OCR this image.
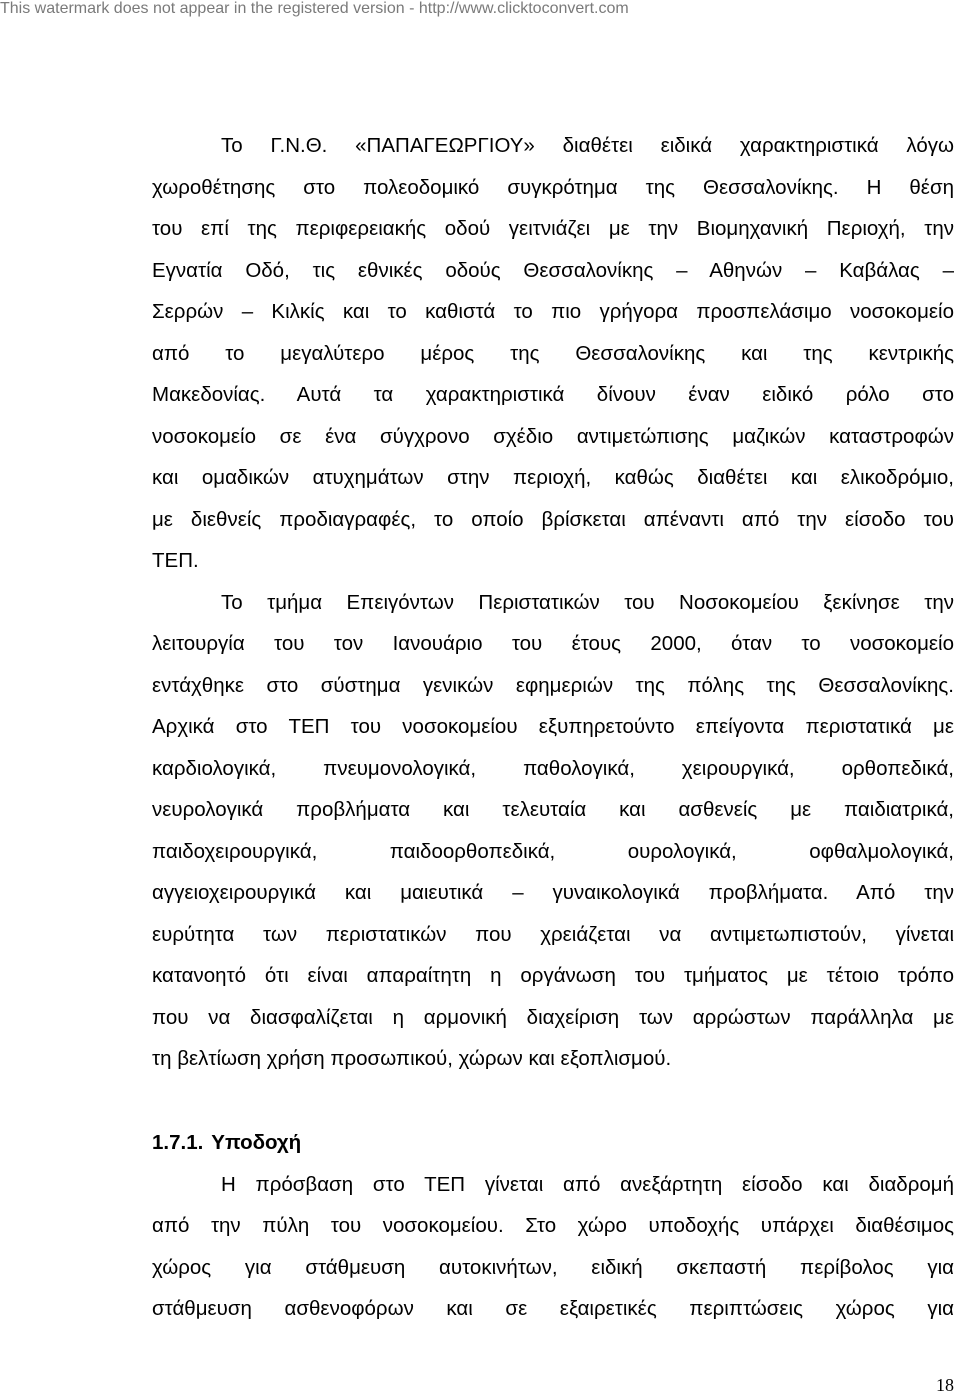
This watermark does not appear in the registered version - http://www.clicktoconvert.com
Το Γ.Ν.Θ. «ΠΑΠΑΓΕΩΡΓΙΟΥ» διαθέτει ειδικά χαρακτηριστικά λόγω
χωροθέτησης στο πολεοδομικό συγκρότημα της Θεσσαλονίκης. Η θέση
του επί της περιφερειακής οδού γειτνιάζει με την Βιομηχανική Περιοχή, την
Εγνατία Οδό, τις εθνικές οδούς Θεσσαλονίκης – Αθηνών – Καβάλας –
Σερρών – Κιλκίς και το καθιστά το πιο γρήγορα προσπελάσιμο νοσοκομείο
από το μεγαλύτερο μέρος της Θεσσαλονίκης και της κεντρικής
Μακεδονίας. Αυτά τα χαρακτηριστικά δίνουν έναν ειδικό ρόλο στο
νοσοκομείο σε ένα σύγχρονο σχέδιο αντιμετώπισης μαζικών καταστροφών
και ομαδικών ατυχημάτων στην περιοχή, καθώς διαθέτει και ελικοδρόμιο,
με διεθνείς προδιαγραφές, το οποίο βρίσκεται απέναντι από την είσοδο του
ΤΕΠ.
Το τμήμα Επειγόντων Περιστατικών του Νοσοκομείου ξεκίνησε την
λειτουργία του τον Ιανουάριο του έτους 2000, όταν το νοσοκομείο
εντάχθηκε στο σύστημα γενικών εφημεριών της πόλης της Θεσσαλονίκης.
Αρχικά στο ΤΕΠ του νοσοκομείου εξυπηρετούντο επείγοντα περιστατικά με
καρδιολογικά, πνευμονολογικά, παθολογικά, χειρουργικά, ορθοπεδικά,
νευρολογικά προβλήματα και τελευταία και ασθενείς με παιδιατρικά,
παιδοχειρουργικά, παιδοορθοπεδικά, ουρολογικά, οφθαλμολογικά,
αγγειοχειρουργικά και μαιευτικά – γυναικολογικά προβλήματα. Από την
ευρύτητα των περιστατικών που χρειάζεται να αντιμετωπιστούν, γίνεται
κατανοητό ότι είναι απαραίτητη η οργάνωση του τμήματος με τέτοιο τρόπο
που να διασφαλίζεται η αρμονική διαχείριση των αρρώστων παράλληλα με
τη βελτίωση χρήση προσωπικού, χώρων και εξοπλισμού.
1.7.1. Υποδοχή
Η πρόσβαση στο ΤΕΠ γίνεται από ανεξάρτητη είσοδο και διαδρομή
από την πύλη του νοσοκομείου. Στο χώρο υποδοχής υπάρχει διαθέσιμος
χώρος για στάθμευση αυτοκινήτων, ειδική σκεπαστή περίβολος για
στάθμευση ασθενοφόρων και σε εξαιρετικές περιπτώσεις χώρος για
18
